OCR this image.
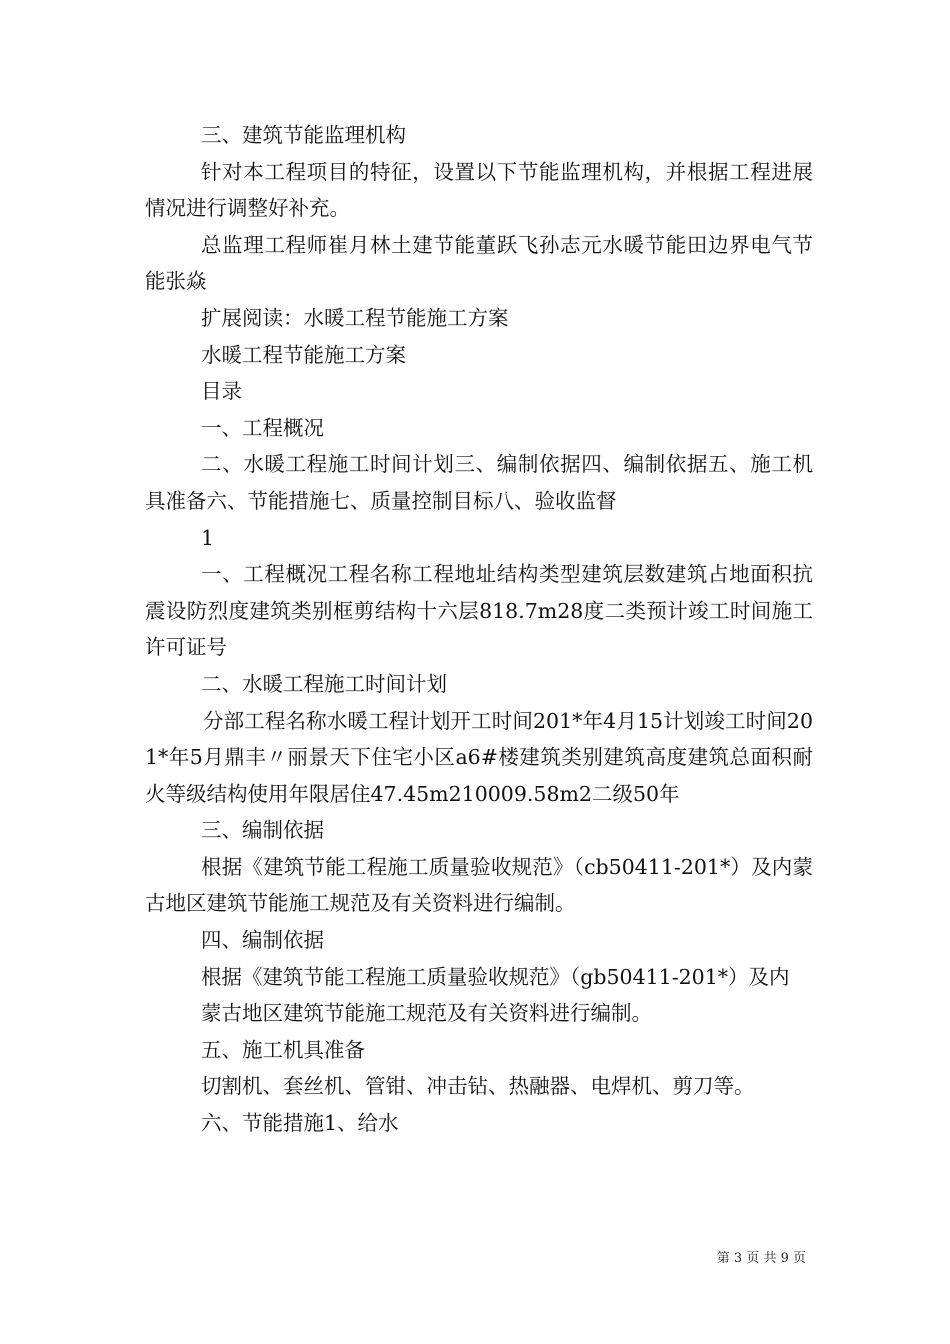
三、建筑节能监理机构

针对本工程项目的特征，设置以下节能监理机构，并根据工程进展情况进行调整好补充。

总监理工程师崔月林土建节能董跃飞孙志元水暖节能田边界电气节能张焱

扩展阅读：水暖工程节能施工方案

水暖工程节能施工方案

目录

一、工程概况

二、水暖工程施工时间计划三、编制依据四、编制依据五、施工机具准备六、节能措施七、质量控制目标八、验收监督

1

一、工程概况工程名称工程地址结构类型建筑层数建筑占地面积抗震设防烈度建筑类别框剪结构十六层818.7m28度二类预计竣工时间施工许可证号

二、水暖工程施工时间计划

分部工程名称水暖工程计划开工时间201*年4月15计划竣工时间201*年5月鼎丰〃丽景天下住宅小区a6#楼建筑类别建筑高度建筑总面积耐火等级结构使用年限居住47.45m210009.58m2二级50年

三、编制依据

根据《建筑节能工程施工质量验收规范》（cb50411-201*）及内蒙古地区建筑节能施工规范及有关资料进行编制。

四、编制依据

根据《建筑节能工程施工质量验收规范》（gb50411-201*）及内

蒙古地区建筑节能施工规范及有关资料进行编制。

五、施工机具准备

切割机、套丝机、管钳、冲击钻、热融器、电焊机、剪刀等。

六、节能措施1、给水

第 3 页 共 9 页
